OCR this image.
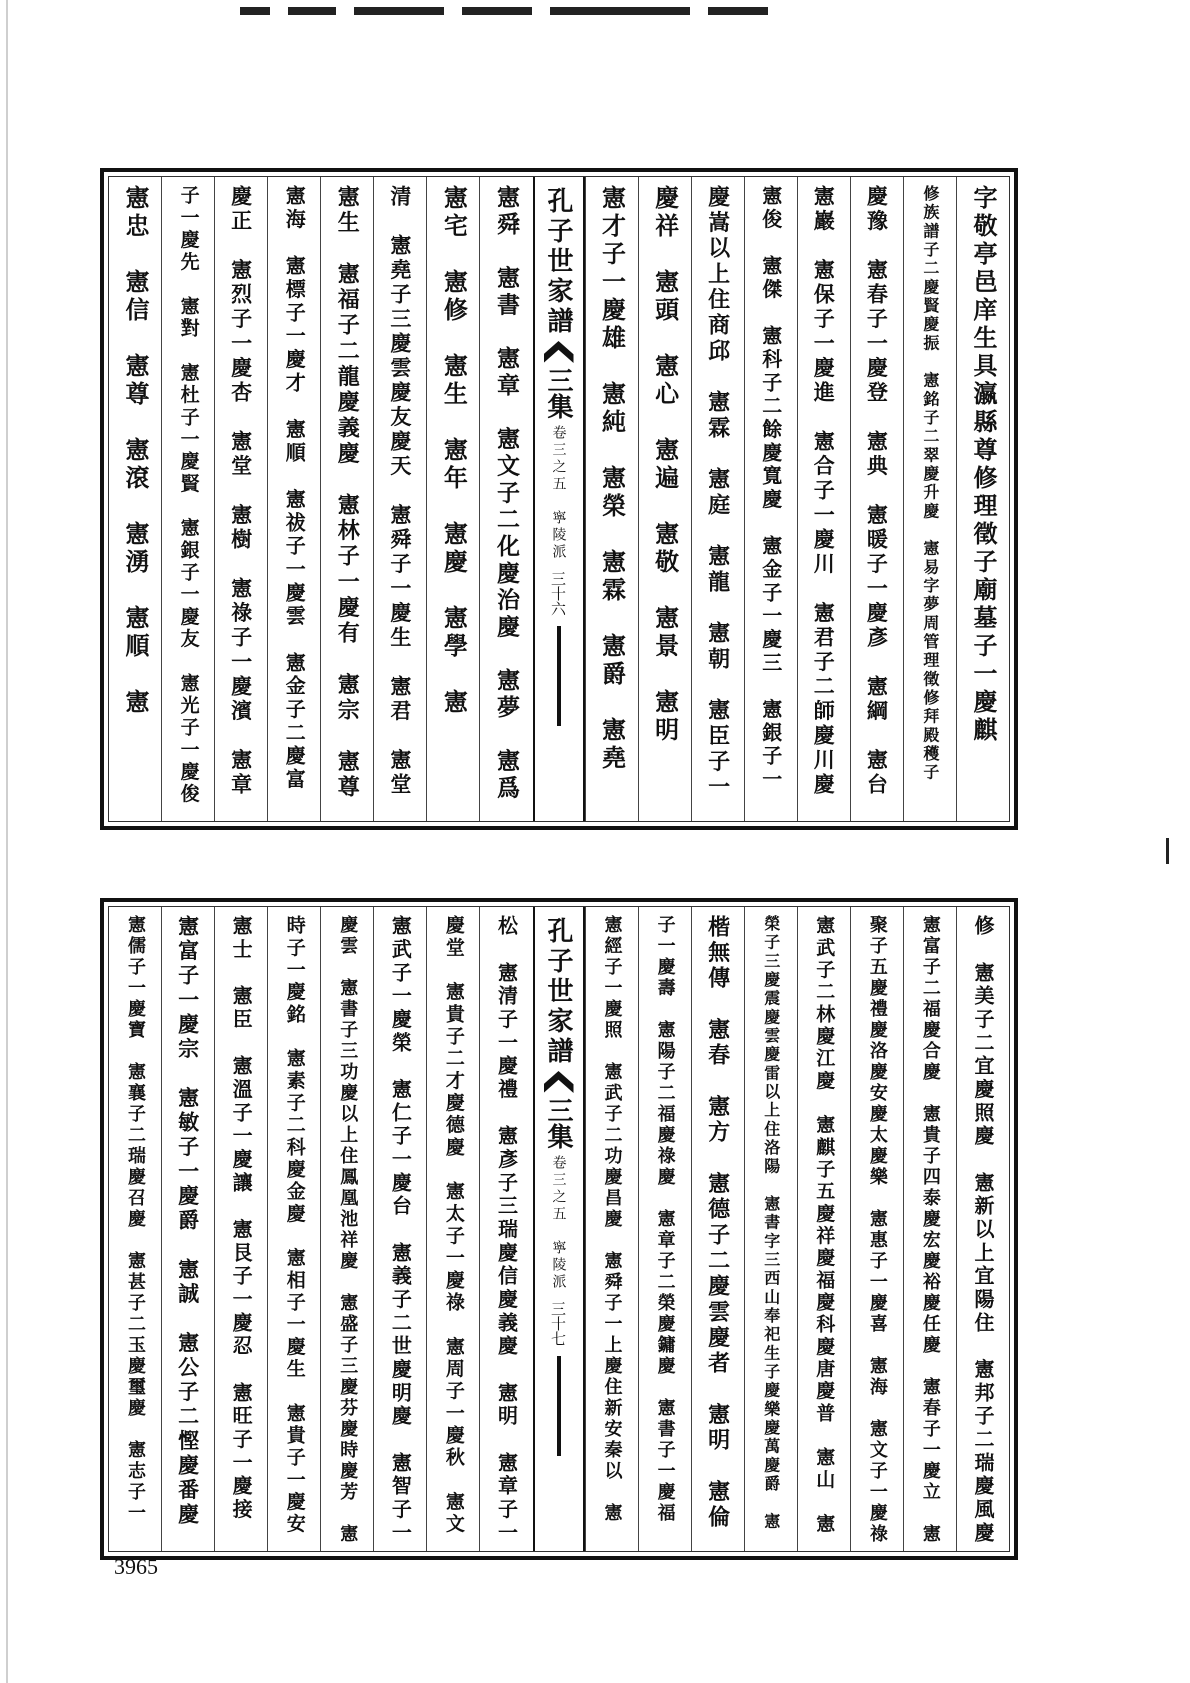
字敬亭邑庠生具瀛縣尊修理徵子廟墓子一慶麒
修族譜子二慶賢慶振　憲銘子二翠慶升慶　憲易字夢周管理徵修拜殿穫子
慶豫　憲春子一慶登　憲典　憲暖子一慶彥　憲綱　憲台
憲巖　憲保子一慶進　憲合子一慶川　憲君子二師慶川慶
憲俊　憲傑　憲科子二餘慶寬慶　憲金子一慶三　憲銀子一
慶嵩以上住商邱　憲霖　憲庭　憲龍　憲朝　憲臣子一
慶祥　憲頭　憲心　憲遍　憲敬　憲景　憲明
憲才子一慶雄　憲純　憲榮　憲霖　憲爵　憲堯
孔子世家譜
三集
卷三之五　寧陵派
三十六
憲舜　憲書　憲章　憲文子二化慶治慶　憲夢　憲爲
憲宅　憲修　憲生　憲年　憲慶　憲學　憲
清　憲堯子三慶雲慶友慶天　憲舜子一慶生　憲君　憲堂
憲生　憲福子二龍慶義慶　憲林子一慶有　憲宗　憲尊
憲海　憲標子一慶才　憲順　憲祓子一慶雲　憲金子二慶富
慶正　憲烈子一慶杏　憲堂　憲樹　憲祿子一慶濱　憲章
子一慶先　憲對　憲杜子一慶賢　憲銀子一慶友　憲光子一慶俊
憲忠　憲信　憲尊　憲滾　憲湧　憲順　憲
修　憲美子二宜慶照慶　憲新以上宜陽住　憲邦子二瑞慶風慶
憲富子二福慶合慶　憲貴子四泰慶宏慶裕慶任慶　憲春子一慶立　憲
聚子五慶禮慶洛慶安慶太慶樂　憲惠子一慶喜　憲海　憲文子一慶祿
憲武子二林慶江慶　憲麒子五慶祥慶福慶科慶唐慶普　憲山　憲
榮子三慶震慶雲慶雷以上住洛陽　憲書字三西山奉祀生子慶樂慶萬慶爵　憲
楷無傳　憲春　憲方　憲德子二慶雲慶者　憲明　憲倫
子一慶壽　憲陽子二福慶祿慶　憲章子二榮慶鏞慶　憲書子一慶福
憲經子一慶照　憲武子二功慶昌慶　憲舜子一上慶住新安秦以　憲
孔子世家譜
三集
卷三之五　寧陵派
三十七
松　憲清子一慶禮　憲彥子三瑞慶信慶義慶　憲明　憲章子一
慶堂　憲貴子二才慶德慶　憲太子一慶祿　憲周子一慶秋　憲文
憲武子一慶榮　憲仁子一慶台　憲義子二世慶明慶　憲智子一
慶雲　憲書子三功慶以上住鳳凰池祥慶　憲盛子三慶芬慶時慶芳　憲
時子一慶銘　憲素子二科慶金慶　憲相子一慶生　憲貴子一慶安
憲士　憲臣　憲溫子一慶讓　憲艮子一慶忍　憲旺子一慶接
憲富子一慶宗　憲敏子一慶爵　憲誠　憲公子二慳慶番慶
憲儒子一慶寶　憲襄子二瑞慶召慶　憲甚子二玉慶璽慶　憲志子一
3965
